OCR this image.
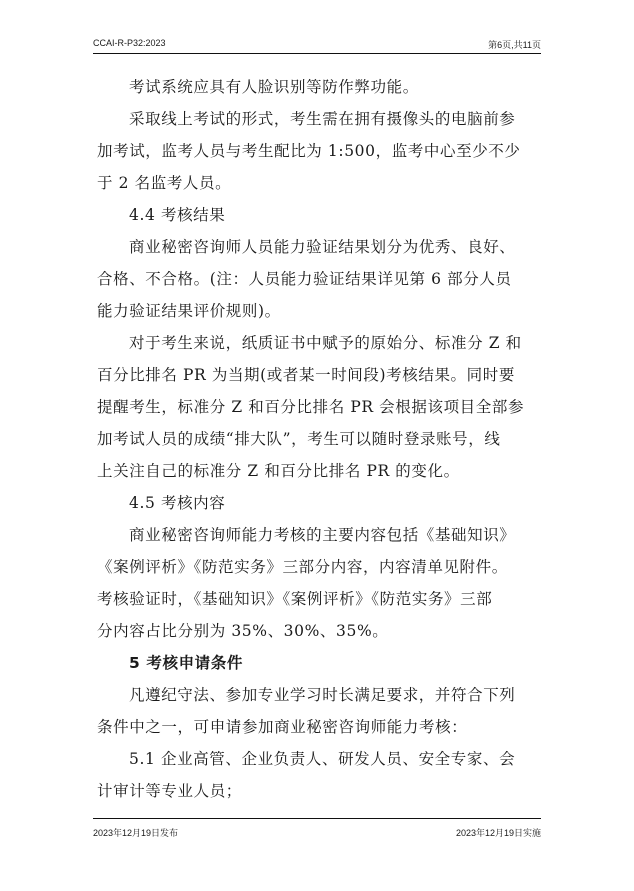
CCAI-R-P32:2023	第6页,共11页
考试系统应具有人脸识别等防作弊功能。
采取线上考试的形式，考生需在拥有摄像头的电脑前参
加考试，监考人员与考生配比为 1:500，监考中心至少不少
于 2 名监考人员。
4.4 考核结果
商业秘密咨询师人员能力验证结果划分为优秀、良好、
合格、不合格。(注：人员能力验证结果详见第 6 部分人员
能力验证结果评价规则)。
对于考生来说，纸质证书中赋予的原始分、标准分 Z 和
百分比排名 PR 为当期(或者某一时间段)考核结果。同时要
提醒考生，标准分 Z 和百分比排名 PR 会根据该项目全部参
加考试人员的成绩“排大队”，考生可以随时登录账号，线
上关注自己的标准分 Z 和百分比排名 PR 的变化。
4.5 考核内容
商业秘密咨询师能力考核的主要内容包括《基础知识》
《案例评析》《防范实务》三部分内容，内容清单见附件。
考核验证时，《基础知识》《案例评析》《防范实务》三部
分内容占比分别为 35%、30%、35%。
5 考核申请条件
凡遵纪守法、参加专业学习时长满足要求，并符合下列
条件中之一，可申请参加商业秘密咨询师能力考核：
5.1 企业高管、企业负责人、研发人员、安全专家、会
计审计等专业人员；
2023年12月19日发布	2023年12月19日实施
